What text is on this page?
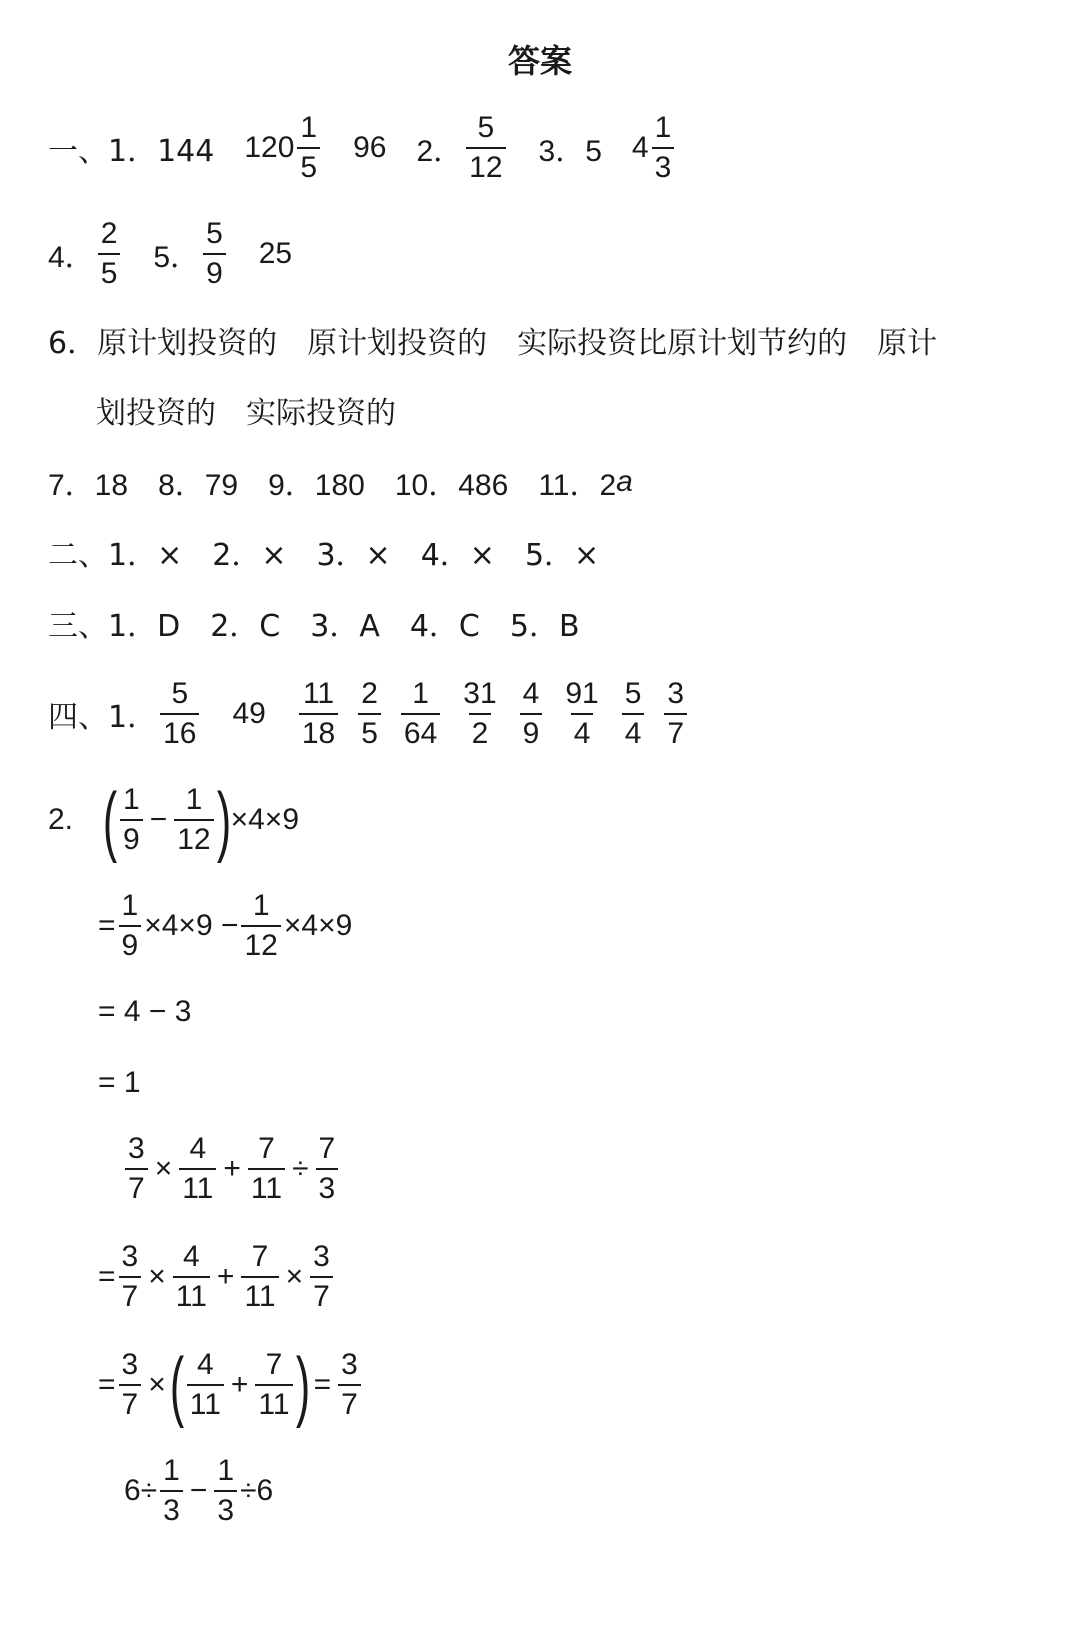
答案
一、1．144 $120 \frac{1}{5} 96$ 2． $\frac{5}{12} 3$．5 $4 \frac{1}{3}$
4． $\frac{2}{5} 5$． $\frac{5}{9} 25$
6．原计划投资的 原计划投资的 实际投资比原计划节约的 原计
划投资的 实际投资的
7．18 8．79 9．180 10．486 11．2 a
二、1．× 2．× 3．× 4．× 5．×
三、1．D 2．C 3．A 4．C 5．B
四、1． $\frac{5}{16} 49 \frac{11}{18} \frac{2}{5} \frac{1}{64} \frac{31}{2} \frac{4}{9} \frac{91}{4} \frac{5}{4} \frac{3}{7}$
2. ( $\frac{1}{9} - \frac{1}{12}$ ) ×4×9
= $\frac{1}{9} \times 4\times 9 - \frac{1}{12} \times 4\times 9$
= 4 − 3
= 1
$\frac{3}{7} \times \frac{4}{11} + \frac{7}{11} \div \frac{7}{3}$
= $\frac{3}{7} \times \frac{4}{11} + \frac{7}{11} \times \frac{3}{7}$
= $\frac{3}{7}$ × ( $\frac{4}{11} + \frac{7}{11}$ ) = $\frac{3}{7}$
$6\div \frac{1}{3} - \frac{1}{3} \div 6$
